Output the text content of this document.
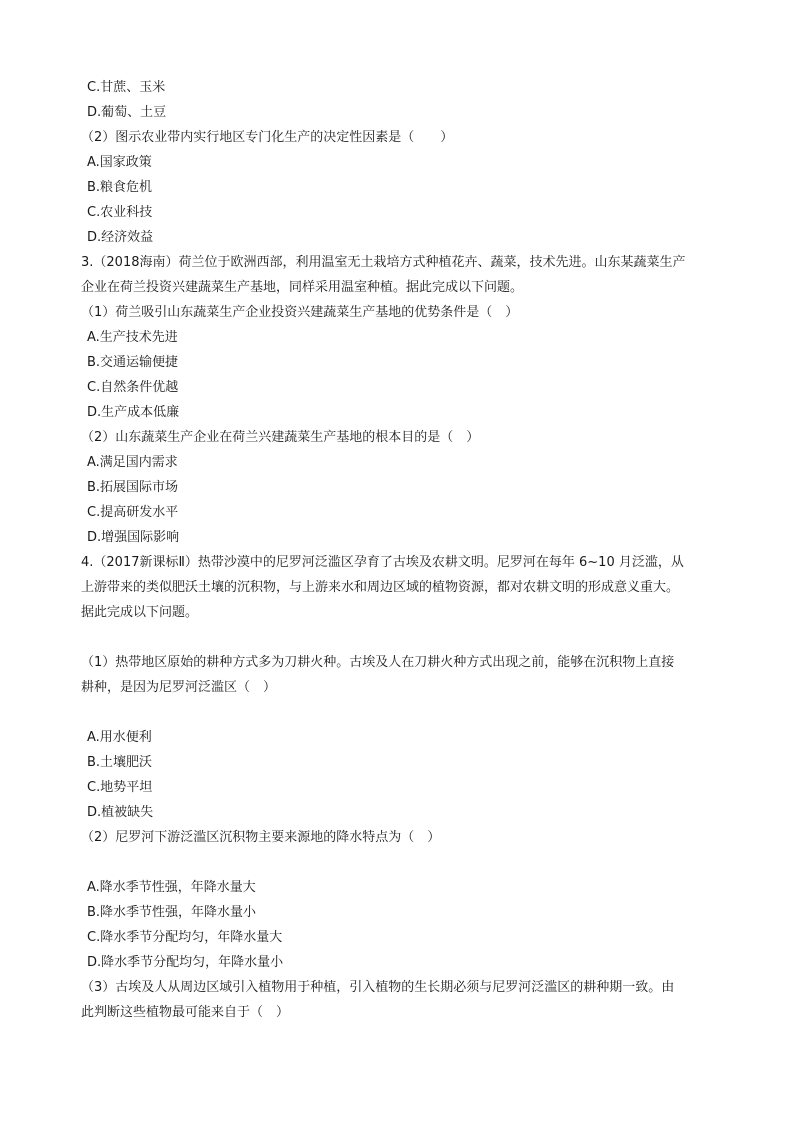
C.甘蔗、玉米
D.葡萄、土豆
（2）图示农业带内实行地区专门化生产的决定性因素是（　　）
A.国家政策
B.粮食危机
C.农业科技
D.经济效益
3.（2018海南）荷兰位于欧洲西部，利用温室无土栽培方式种植花卉、蔬菜，技术先进。山东某蔬菜生产
企业在荷兰投资兴建蔬菜生产基地，同样采用温室种植。据此完成以下问题。
（1）荷兰吸引山东蔬菜生产企业投资兴建蔬菜生产基地的优势条件是（　）
A.生产技术先进
B.交通运输便捷
C.自然条件优越
D.生产成本低廉
（2）山东蔬菜生产企业在荷兰兴建蔬菜生产基地的根本目的是（　）
A.满足国内需求
B.拓展国际市场
C.提高研发水平
D.增强国际影响
4.（2017新课标Ⅱ）热带沙漠中的尼罗河泛滥区孕育了古埃及农耕文明。尼罗河在每年 6~10 月泛滥，从
上游带来的类似肥沃土壤的沉积物，与上游来水和周边区域的植物资源，都对农耕文明的形成意义重大。
据此完成以下问题。
（1）热带地区原始的耕种方式多为刀耕火种。古埃及人在刀耕火种方式出现之前，能够在沉积物上直接
耕种，是因为尼罗河泛滥区（　）
A.用水便利
B.土壤肥沃
C.地势平坦
D.植被缺失
（2）尼罗河下游泛滥区沉积物主要来源地的降水特点为（　）
A.降水季节性强，年降水量大
B.降水季节性强，年降水量小
C.降水季节分配均匀，年降水量大
D.降水季节分配均匀，年降水量小
（3）古埃及人从周边区域引入植物用于种植，引入植物的生长期必须与尼罗河泛滥区的耕种期一致。由
此判断这些植物最可能来自于（　）
